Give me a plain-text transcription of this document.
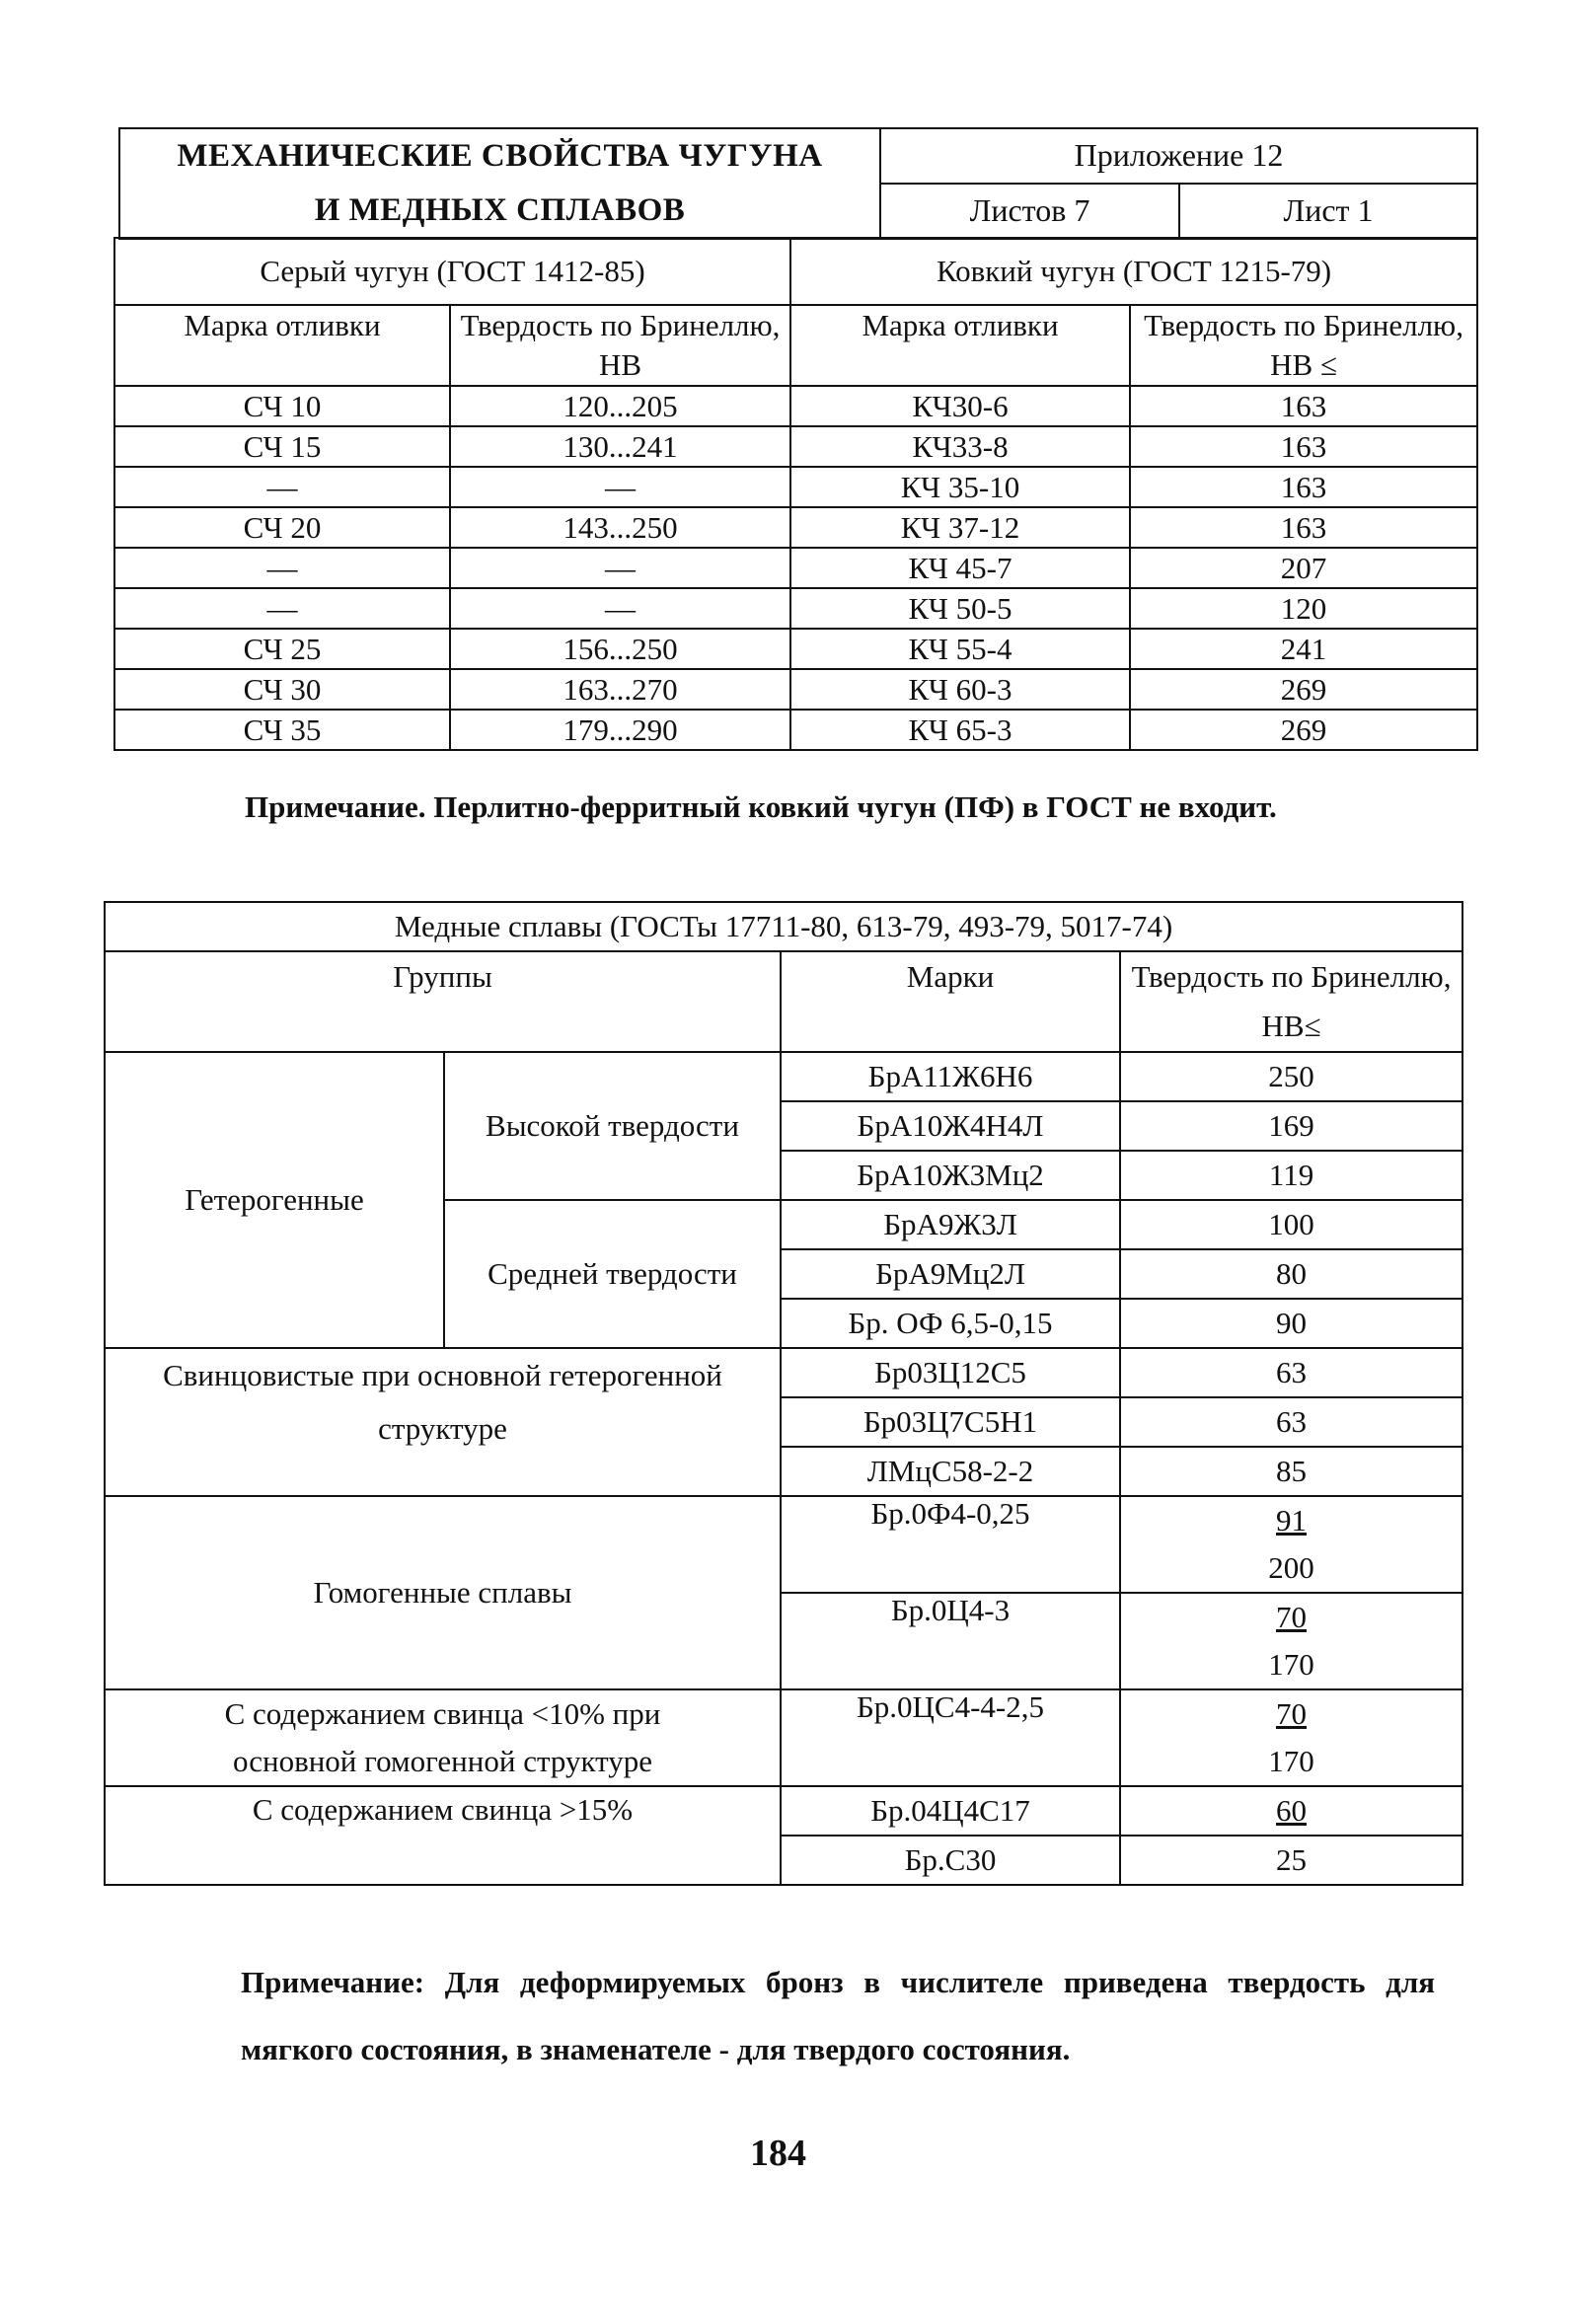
МЕХАНИЧЕСКИЕ СВОЙСТВА ЧУГУНА
И МЕДНЫХ СПЛАВОВ	Приложение 12	
	Листов 7	Лист 1
Серый чугун (ГОСТ 1412-85)		Ковкий чугун (ГОСТ 1215-79)	
Марка отливки	Твердость по Бринеллю, НВ	Марка отливки	Твердость по Бринеллю, НВ ≤
СЧ 10	120...205	КЧ30-6	163
СЧ 15	130...241	КЧ33-8	163
—	—	КЧ 35-10	163
СЧ 20	143...250	КЧ 37-12	163
—	—	КЧ 45-7	207
—	—	КЧ 50-5	120
СЧ 25	156...250	КЧ 55-4	241
СЧ 30	163...270	КЧ 60-3	269
СЧ 35	179...290	КЧ 65-3	269
Примечание. Перлитно-ферритный ковкий чугун (ПФ) в ГОСТ не входит.
Медные сплавы (ГОСТы 17711-80, 613-79, 493-79, 5017-74)			
Группы		Марки	Твердость по Бринеллю, НВ≤
Гетерогенные	Высокой твердости	БрА11Ж6Н6	250
		БрА10Ж4Н4Л	169
		БрА10Ж3Мц2	119
	Средней твердости	БрА9Ж3Л	100
		БрА9Мц2Л	80
		Бр. ОФ 6,5-0,15	90
Свинцовистые при основной гетерогенной структуре		Бр03Ц12С5	63
		Бр03Ц7С5Н1	63
		ЛМцС58-2-2	85
Гомогенные сплавы		Бр.0Ф4-0,25	91
200
		Бр.0Ц4-3	70
170
С содержанием свинца <10% при основной гомогенной структуре		Бр.0ЦС4-4-2,5	70
170
С содержанием свинца >15%		Бр.04Ц4С17	60
		Бр.С30	25
Примечание: Для деформируемых бронз в числителе приведена твердость для мягкого состояния, в знаменателе - для твердого состояния.
184
